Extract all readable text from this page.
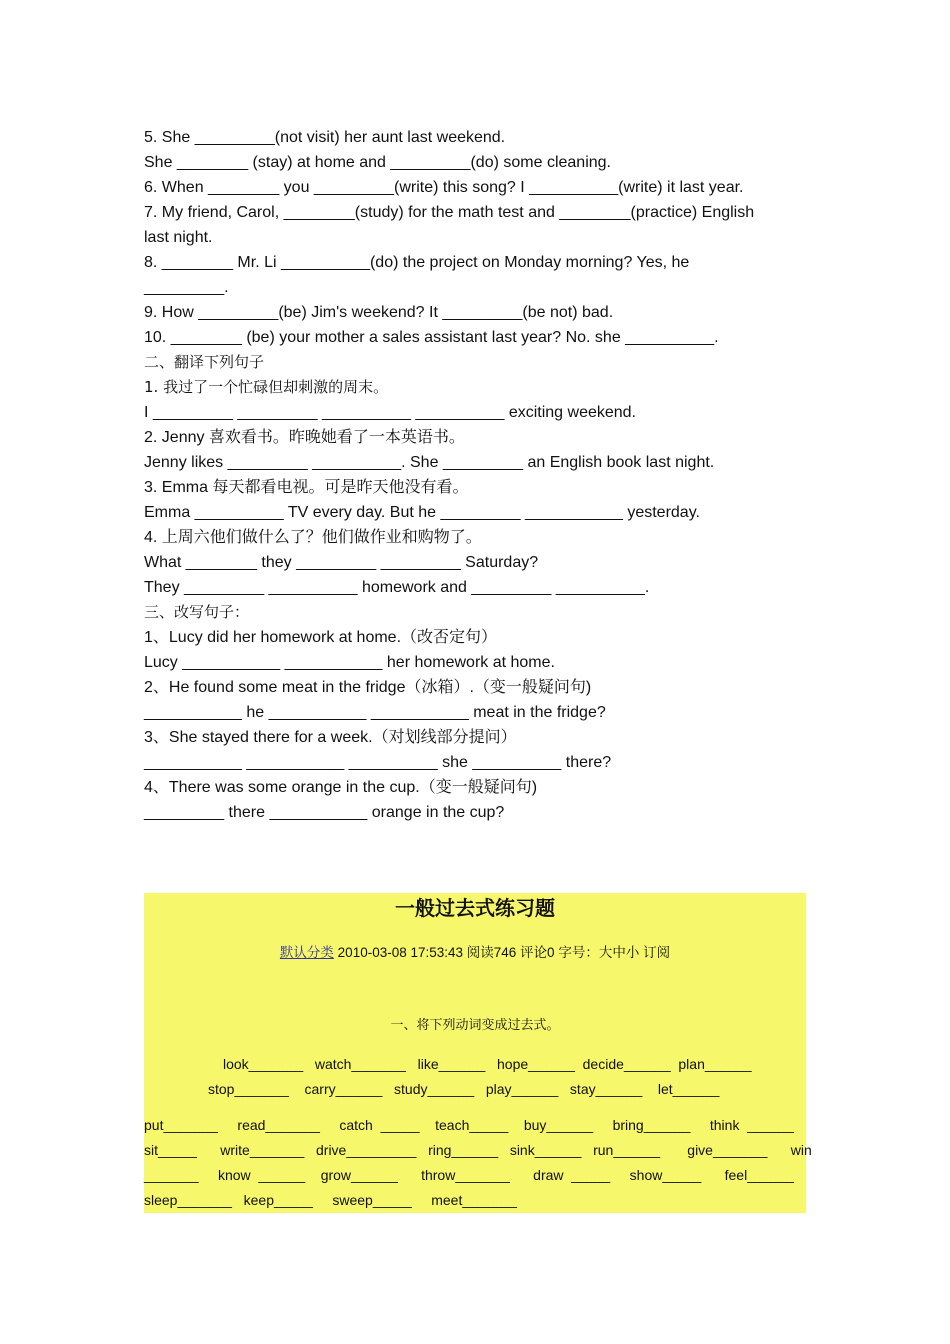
5. She _________(not visit) her aunt last weekend.
She ________ (stay) at home and _________(do) some cleaning.
6. When ________ you _________(write) this song? I __________(write) it last year.
7. My friend, Carol, ________(study) for the math test and ________(practice) English
last night.
8. ________ Mr. Li __________(do) the project on Monday morning? Yes, he
_________.
9. How _________(be) Jim's weekend? It _________(be not) bad.
10. ________ (be) your mother a sales assistant last year? No. she __________.
二、翻译下列句子
1. 我过了一个忙碌但却刺激的周末。
I _________ _________ __________ __________ exciting weekend.
2. Jenny 喜欢看书。昨晚她看了一本英语书。
Jenny likes _________ __________. She _________ an English book last night.
3. Emma 每天都看电视。可是昨天他没有看。
Emma __________ TV every day. But he _________ ___________ yesterday.
4. 上周六他们做什么了？他们做作业和购物了。
What ________ they _________ _________ Saturday?
They _________ __________ homework and _________ __________.
三、改写句子：
1、Lucy did her homework at home.（改否定句）
Lucy ___________ ___________ her homework at home.
2、He found some meat in the fridge（冰箱）.（变一般疑问句)
___________ he ___________ ___________ meat in the fridge?
3、She stayed there for a week.（对划线部分提问）
___________ ___________ __________ she __________ there?
4、There was some orange in the cup.（变一般疑问句)
_________ there ___________ orange in the cup?
一般过去式练习题
默认分类 2010-03-08 17:53:43 阅读746 评论0 字号：大中小 订阅
一、将下列动词变成过去式。
look_______   watch_______   like______   hope______  decide______  plan______
stop_______    carry______   study______   play______   stay______    let______
put_______     read_______     catch  _____    teach_____    buy______     bring______     think  ______
sit_____      write_______   drive_________   ring______   sink______   run______       give_______      win
_______     know  ______    grow______      throw_______      draw  _____     show_____      feel______
sleep_______   keep_____     sweep_____     meet_______
